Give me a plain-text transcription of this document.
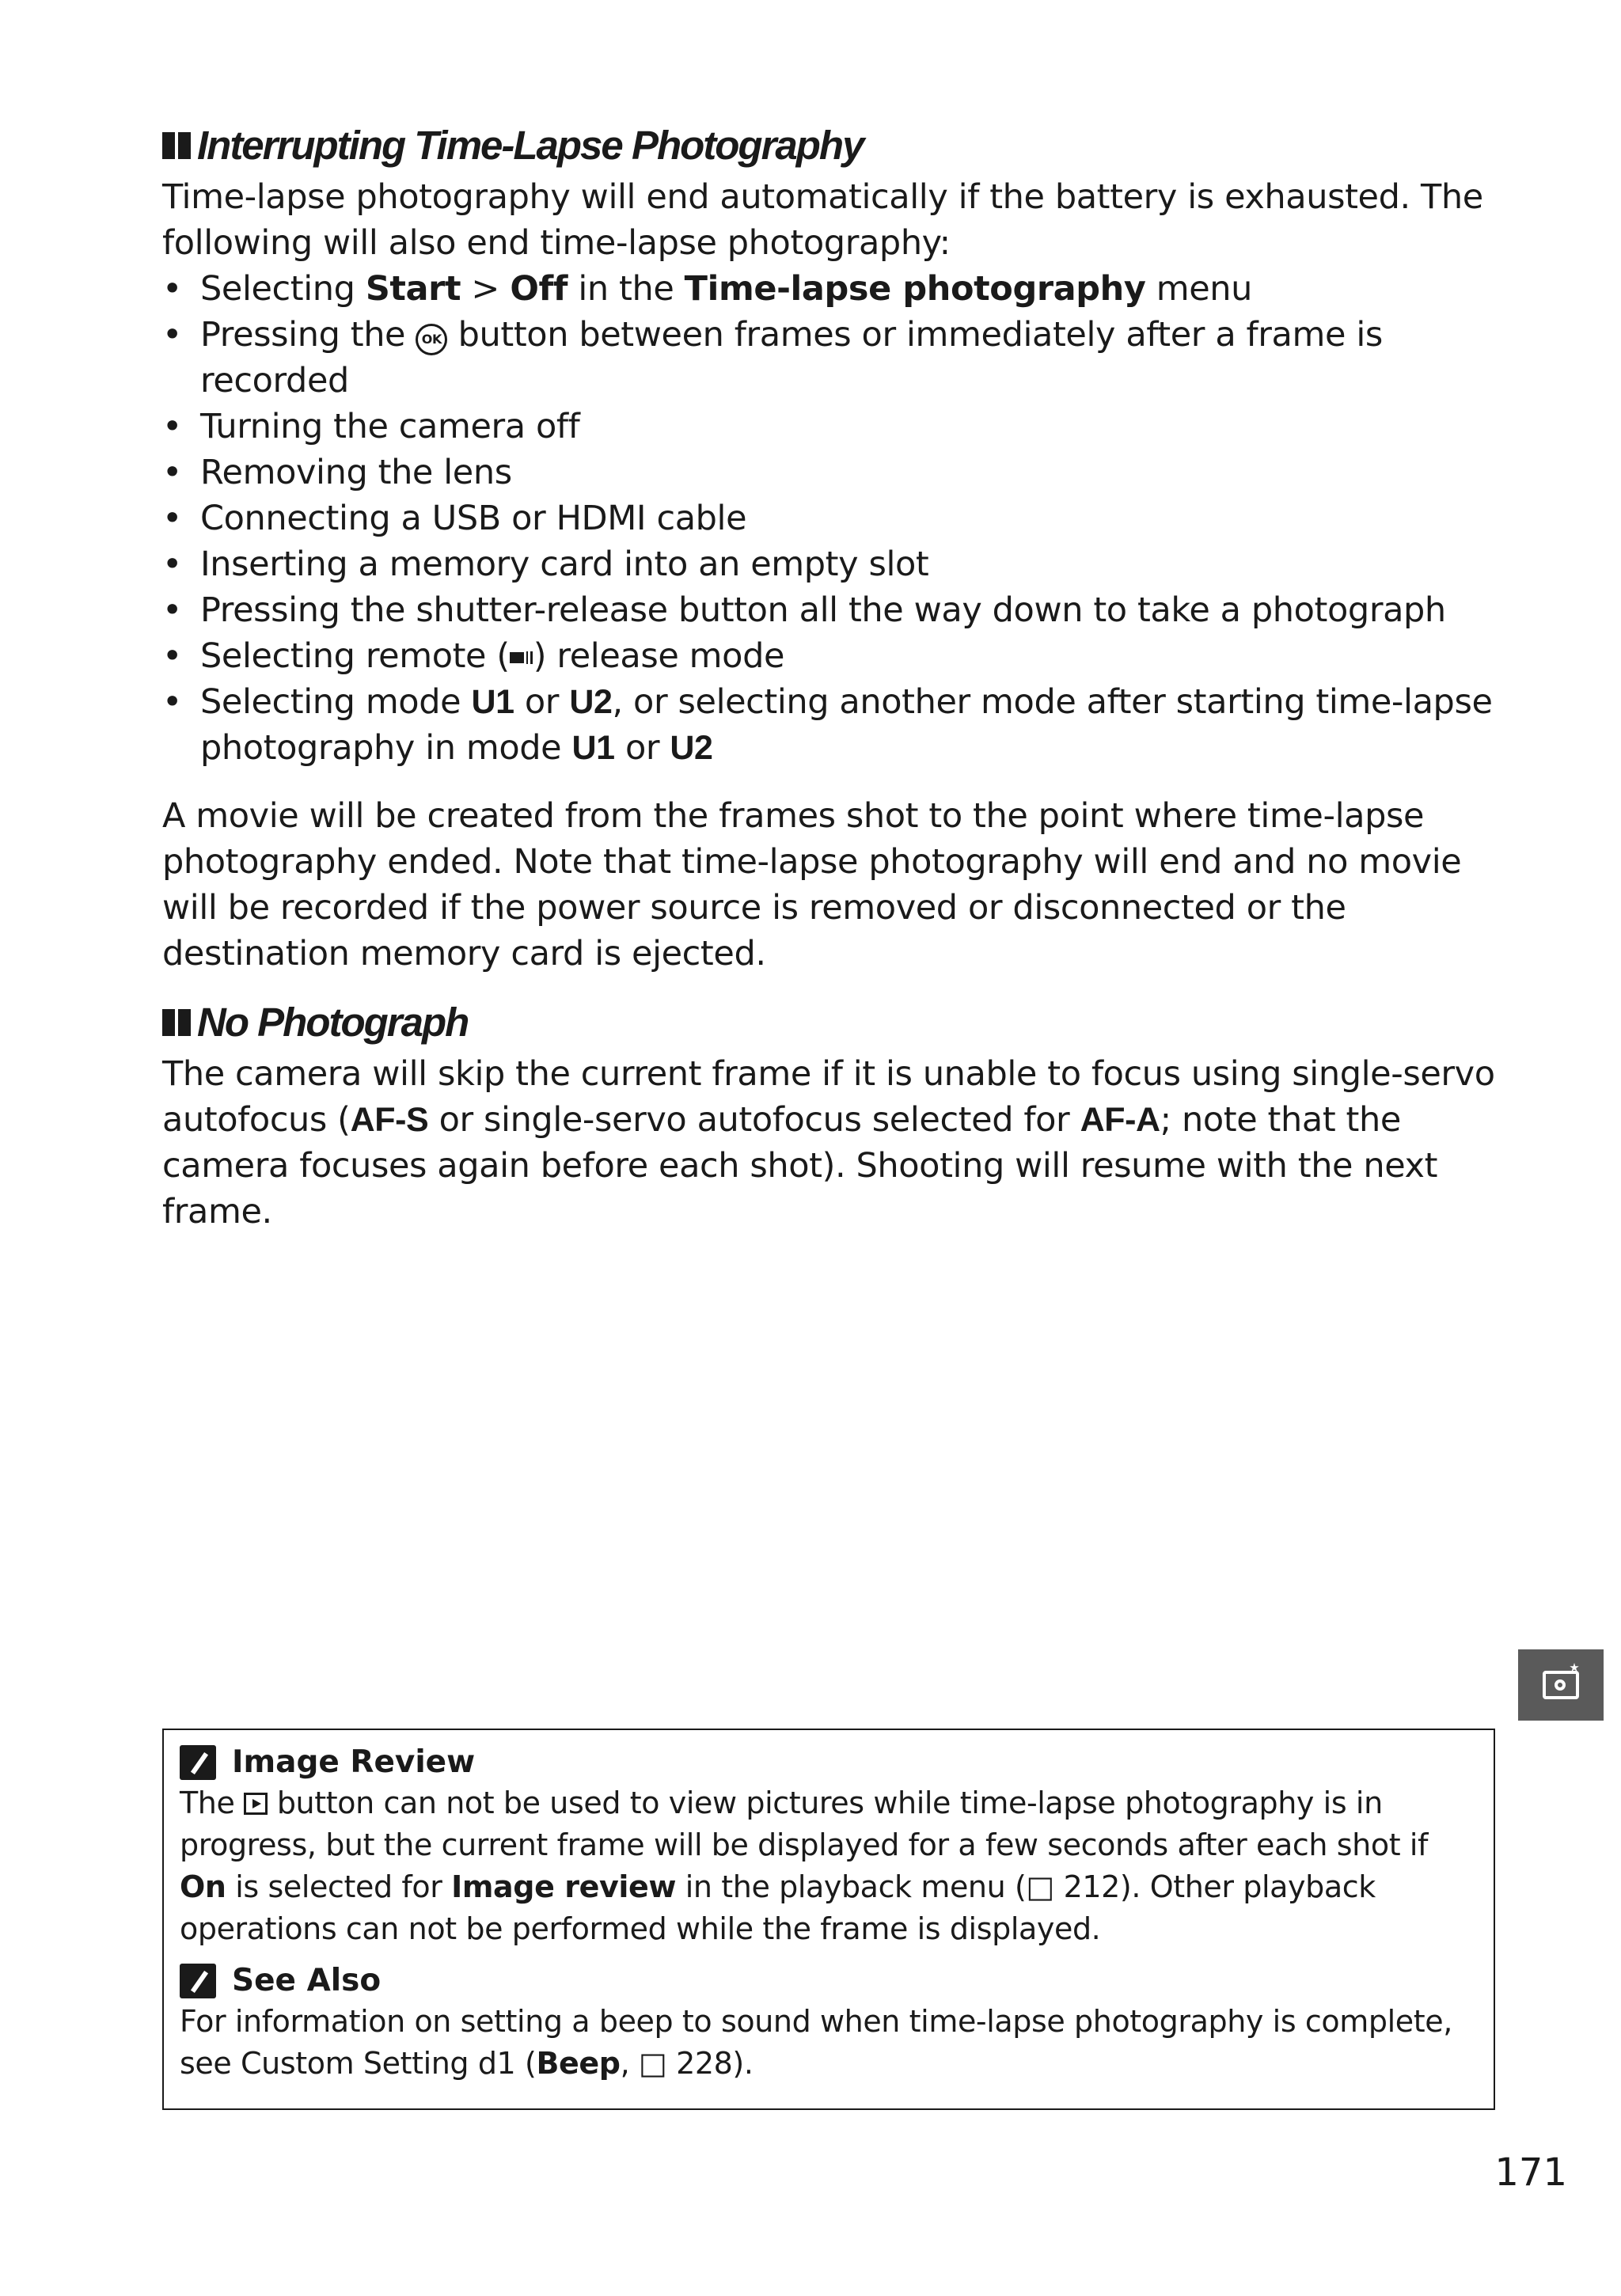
Interrupting Time-Lapse Photography

Time-lapse photography will end automatically if the battery is exhausted. The following will also end time-lapse photography:

• Selecting Start > Off in the Time-lapse photography menu
• Pressing the OK button between frames or immediately after a frame is recorded
• Turning the camera off
• Removing the lens
• Connecting a USB or HDMI cable
• Inserting a memory card into an empty slot
• Pressing the shutter-release button all the way down to take a photograph
• Selecting remote ( ) release mode
• Selecting mode U1 or U2, or selecting another mode after starting time-lapse photography in mode U1 or U2

A movie will be created from the frames shot to the point where time-lapse photography ended. Note that time-lapse photography will end and no movie will be recorded if the power source is removed or disconnected or the destination memory card is ejected.

No Photograph

The camera will skip the current frame if it is unable to focus using single-servo autofocus (AF-S or single-servo autofocus selected for AF-A; note that the camera focuses again before each shot). Shooting will resume with the next frame.

Image Review

The  button can not be used to view pictures while time-lapse photography is in progress, but the current frame will be displayed for a few seconds after each shot if On is selected for Image review in the playback menu (□ 212). Other playback operations can not be performed while the frame is displayed.

See Also

For information on setting a beep to sound when time-lapse photography is complete, see Custom Setting d1 (Beep, □ 228).

171
